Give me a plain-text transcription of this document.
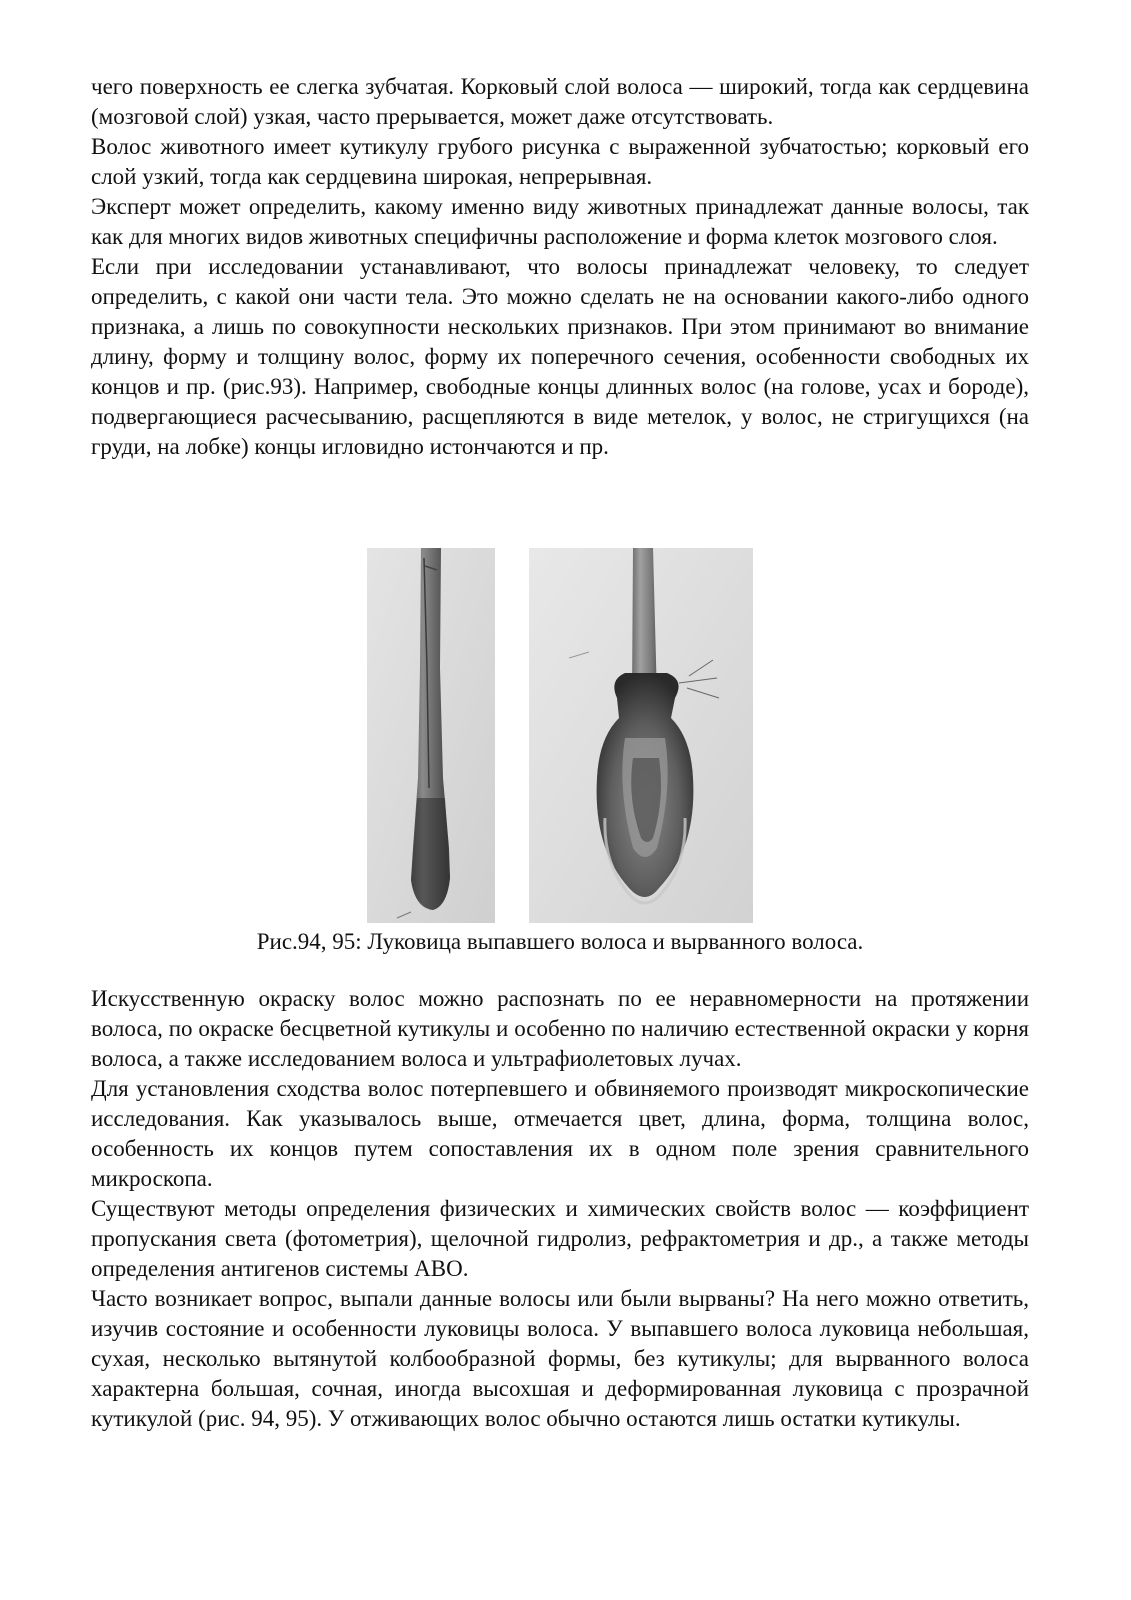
чего поверхность ее слегка зубчатая. Корковый слой волоса — широкий, тогда как сердцевина (мозговой слой) узкая, часто прерывается, может даже отсутствовать.

Волос животного имеет кутикулу грубого рисунка с выраженной зубчатостью; корковый его слой узкий, тогда как сердцевина широкая, непрерывная.

Эксперт может определить, какому именно виду животных принадлежат данные волосы, так как для многих видов животных специфичны расположение и форма клеток мозгового слоя.

Если при исследовании устанавливают, что волосы принадлежат человеку, то следует определить, с какой они части тела. Это можно сделать не на основании какого-либо одного признака, а лишь по совокупности нескольких признаков. При этом принимают во внимание длину, форму и толщину волос, форму их поперечного сечения, особенности свободных их концов и пр. (рис.93). Например, свободные концы длинных волос (на голове, усах и бороде), подвергающиеся расчесыванию, расщепляются в виде метелок, у волос, не стригущихся (на груди, на лобке) концы игловидно истончаются и пр.

Рис.94, 95: Луковица выпавшего волоса и вырванного волоса.

Искусственную окраску волос можно распознать по ее неравномерности на протяжении волоса, по окраске бесцветной кутикулы и особенно по наличию естественной окраски у корня волоса, а также исследованием волоса и ультрафиолетовых лучах.

Для установления сходства волос потерпевшего и обвиняемого производят микроскопические исследования. Как указывалось выше, отмечается цвет, длина, форма, толщина волос, особенность их концов путем сопоставления их в одном поле зрения сравнительного микроскопа.

Существуют методы определения физических и химических свойств волос — коэффициент пропускания света (фотометрия), щелочной гидролиз, рефрактометрия и др., а также методы определения антигенов системы АВО.

Часто возникает вопрос, выпали данные волосы или были вырваны? На него можно ответить, изучив состояние и особенности луковицы волоса. У выпавшего волоса луковица небольшая, сухая, несколько вытянутой колбообразной формы, без кутикулы; для вырванного волоса характерна большая, сочная, иногда высохшая и деформированная луковица с прозрачной кутикулой (рис. 94, 95). У отживающих волос обычно остаются лишь остатки кутикулы.
